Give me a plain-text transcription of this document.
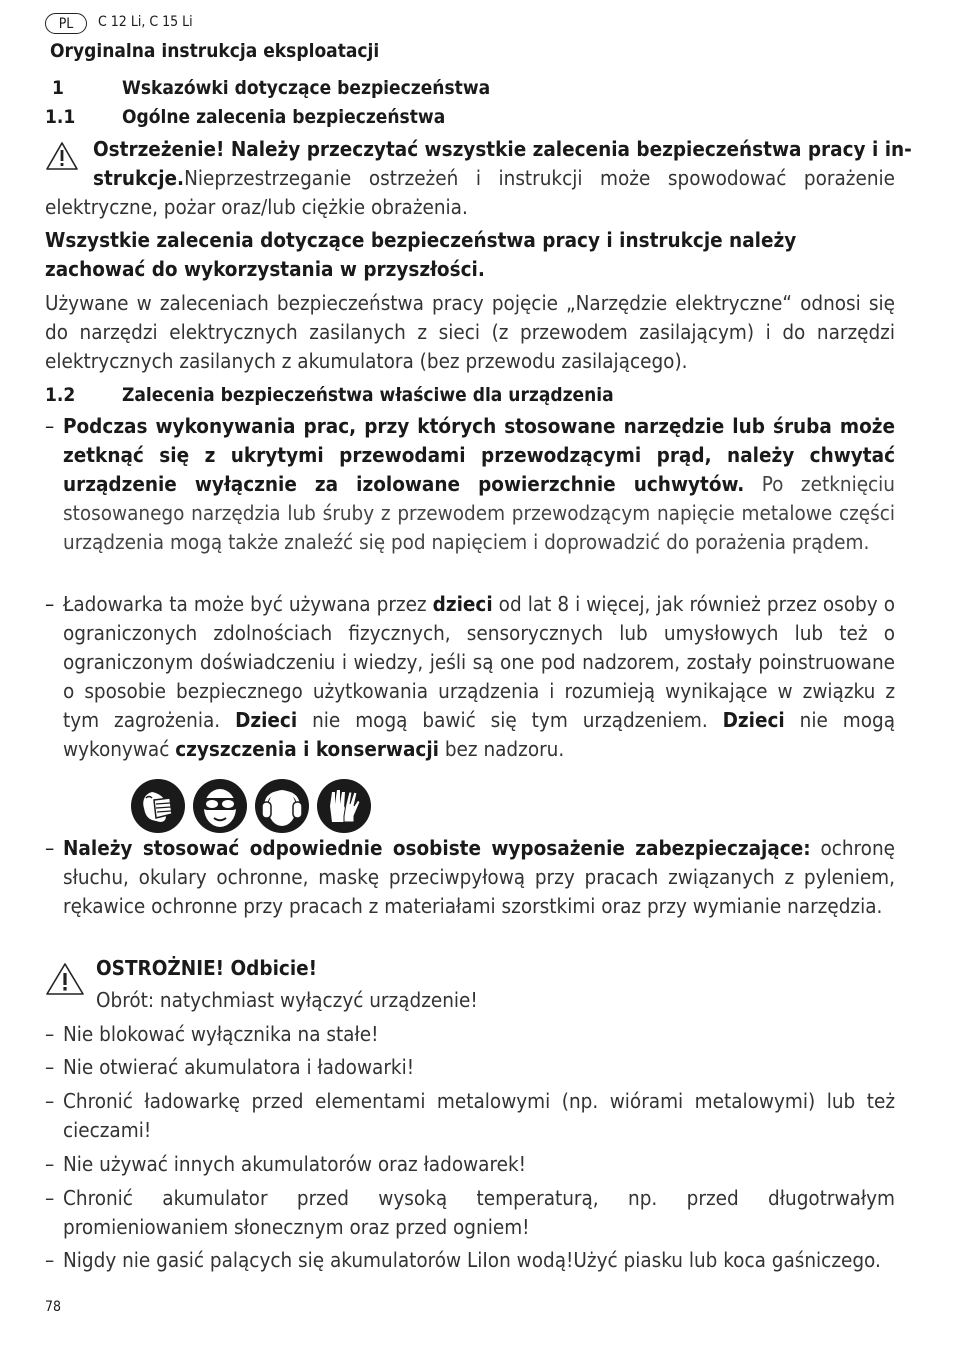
PL	C 12 Li, C 15 Li
Oryginalna instrukcja eksploatacji
1	Wskazówki dotyczące bezpieczeństwa
1.1 Ogólne zalecenia bezpieczeństwa
Ostrzeżenie! Należy przeczytać wszystkie zalecenia bezpieczeństwa pracy i in-
strukcje.Nieprzestrzeganie ostrzeżeń i instrukcji może spowodować porażenie
elektryczne, pożar oraz/lub ciężkie obrażenia.
Wszystkie zalecenia dotyczące bezpieczeństwa pracy i instrukcje należy zachować do wykorzystania w przyszłości.
Używane w zaleceniach bezpieczeństwa pracy pojęcie „Narzędzie elektryczne“ odnosi się do narzędzi elektrycznych zasilanych z sieci (z przewodem zasilającym) i do narzędzi elektrycznych zasilanych z akumulatora (bez przewodu zasilającego).
1.2 Zalecenia bezpieczeństwa właściwe dla urządzenia
– Podczas wykonywania prac, przy których stosowane narzędzie lub śruba może zetknąć się z ukrytymi przewodami przewodzącymi prąd, należy chwytać urządzenie wyłącznie za izolowane powierzchnie uchwytów. Po zetknięciu stosowanego narzędzia lub śruby z przewodem przewodzącym napięcie metalowe części urządzenia mogą także znaleźć się pod napięciem i doprowadzić do porażenia prądem.
– Ładowarka ta może być używana przez dzieci od lat 8 i więcej, jak również przez osoby o ograniczonych zdolnościach fizycznych, sensorycznych lub umysłowych lub też o ograniczonym doświadczeniu i wiedzy, jeśli są one pod nadzorem, zostały poinstruowane o sposobie bezpiecznego użytkowania urządzenia i rozumieją wynikające w związku z tym zagrożenia. Dzieci nie mogą bawić się tym urządzeniem. Dzieci nie mogą wykonywać czyszczenia i konserwacji bez nadzoru.
– Należy stosować odpowiednie osobiste wyposażenie zabezpieczające: ochronę słuchu, okulary ochronne, maskę przeciwpyłową przy pracach związanych z pyleniem, rękawice ochronne przy pracach z materiałami szorstkimi oraz przy wymianie narzędzia.
OSTROŻNIE! Odbicie!
Obrót: natychmiast wyłączyć urządzenie!
– Nie blokować wyłącznika na stałe!
– Nie otwierać akumulatora i ładowarki!
– Chronić ładowarkę przed elementami metalowymi (np. wiórami metalowymi) lub też cieczami!
– Nie używać innych akumulatorów oraz ładowarek!
– Chronić akumulator przed wysoką temperaturą, np. przed długotrwałym promieniowaniem słonecznym oraz przed ogniem!
– Nigdy nie gasić palących się akumulatorów LiIon wodą!Użyć piasku lub koca gaśniczego.
78
